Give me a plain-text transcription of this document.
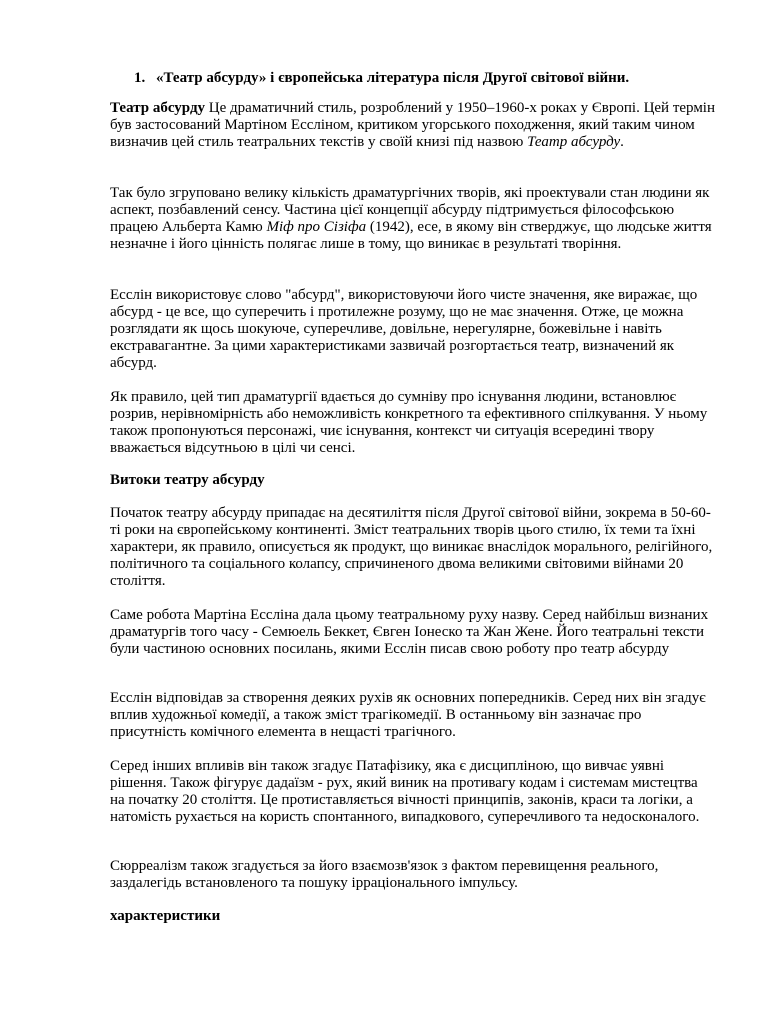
1. «Театр абсурду» і європейська література після Другої світової війни.

Театр абсурду Це драматичний стиль, розроблений у 1950–1960-х роках у Європі. Цей термін був застосований Мартіном Ессліном, критиком угорського походження, який таким чином визначив цей стиль театральних текстів у своїй книзі під назвою Театр абсурду.

Так було згруповано велику кількість драматургічних творів, які проектували стан людини як аспект, позбавлений сенсу. Частина цієї концепції абсурду підтримується філософською працею Альберта Камю Міф про Сізіфа (1942), есе, в якому він стверджує, що людське життя незначне і його цінність полягає лише в тому, що виникає в результаті творіння.

Есслін використовує слово "абсурд", використовуючи його чисте значення, яке виражає, що абсурд - це все, що суперечить і протилежне розуму, що не має значення. Отже, це можна розглядати як щось шокуюче, суперечливе, довільне, нерегулярне, божевільне і навіть екстравагантне. За цими характеристиками зазвичай розгортається театр, визначений як абсурд.

Як правило, цей тип драматургії вдається до сумніву про існування людини, встановлює розрив, нерівномірність або неможливість конкретного та ефективного спілкування. У ньому також пропонуються персонажі, чиє існування, контекст чи ситуація всередині твору вважається відсутньою в цілі чи сенсі.

Витоки театру абсурду

Початок театру абсурду припадає на десятиліття після Другої світової війни, зокрема в 50-60-ті роки на європейському континенті. Зміст театральних творів цього стилю, їх теми та їхні характери, як правило, описується як продукт, що виникає внаслідок морального, релігійного, політичного та соціального колапсу, спричиненого двома великими світовими війнами 20 століття.

Саме робота Мартіна Ессліна дала цьому театральному руху назву. Серед найбільш визнаних драматургів того часу - Семюель Беккет, Євген Іонеско та Жан Жене. Його театральні тексти були частиною основних посилань, якими Есслін писав свою роботу про театр абсурду

Есслін відповідав за створення деяких рухів як основних попередників. Серед них він згадує вплив художньої комедії, а також зміст трагікомедії. В останньому він зазначає про присутність комічного елемента в нещасті трагічного.

Серед інших впливів він також згадує Патафізику, яка є дисципліною, що вивчає уявні рішення. Також фігурує дадаїзм - рух, який виник на противагу кодам і системам мистецтва на початку 20 століття. Це протиставляється вічності принципів, законів, краси та логіки, а натомість рухається на користь спонтанного, випадкового, суперечливого та недосконалого.

Сюрреалізм також згадується за його взаємозв'язок з фактом перевищення реального, заздалегідь встановленого та пошуку ірраціонального імпульсу.

характеристики
